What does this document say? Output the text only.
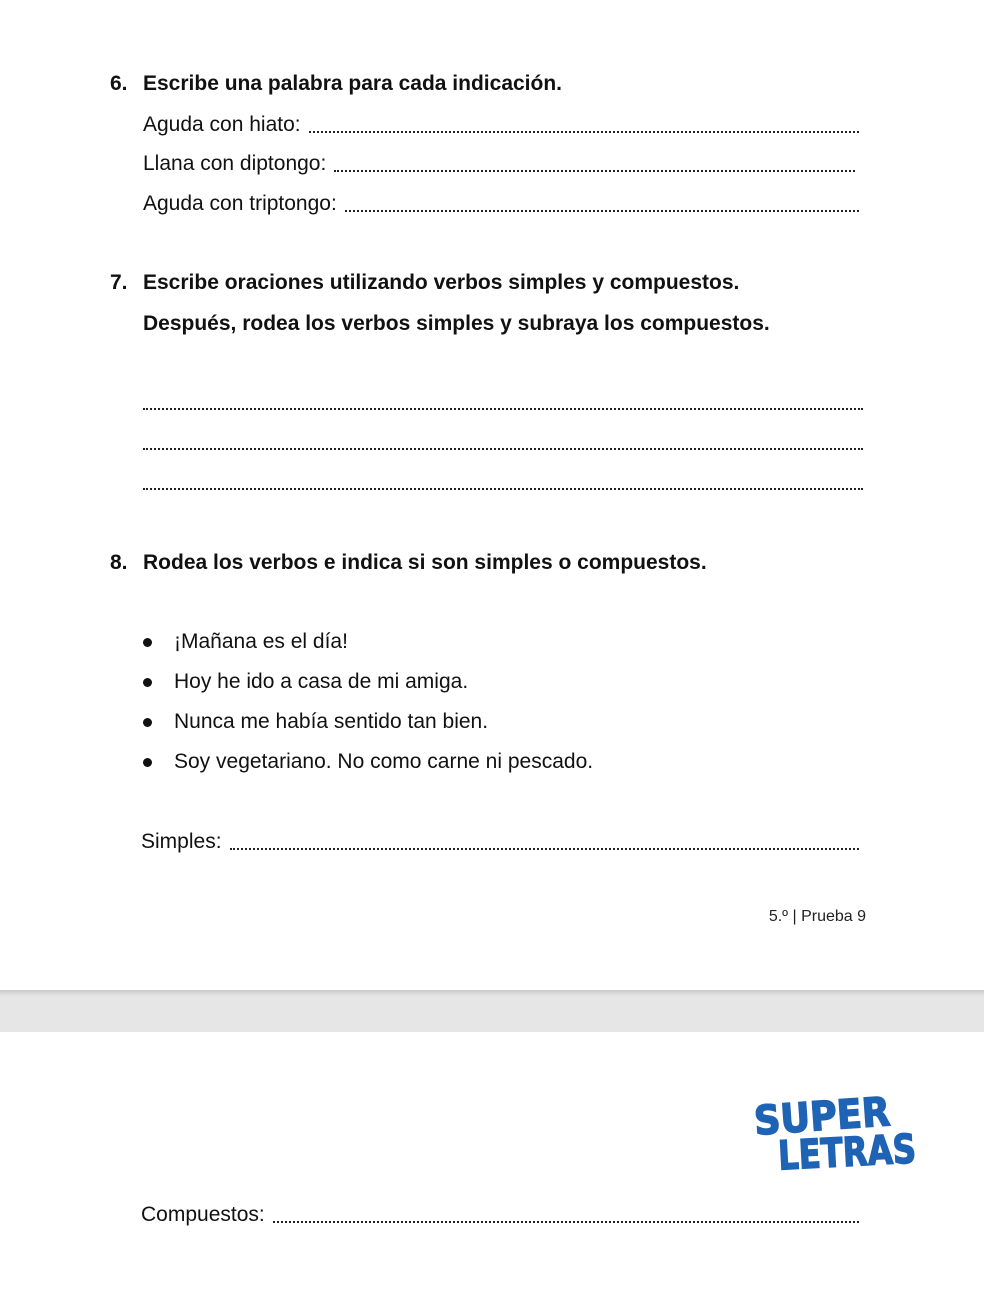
6. Escribe una palabra para cada indicación.
Aguda con hiato:
Llana con diptongo:
Aguda con triptongo:
7. Escribe oraciones utilizando verbos simples y compuestos.
Después, rodea los verbos simples y subraya los compuestos.
8. Rodea los verbos e indica si son simples o compuestos.
¡Mañana es el día!
Hoy he ido a casa de mi amiga.
Nunca me había sentido tan bien.
Soy vegetariano. No como carne ni pescado.
Simples:
5.º | Prueba 9
SUPER
LETRAS
Compuestos:
